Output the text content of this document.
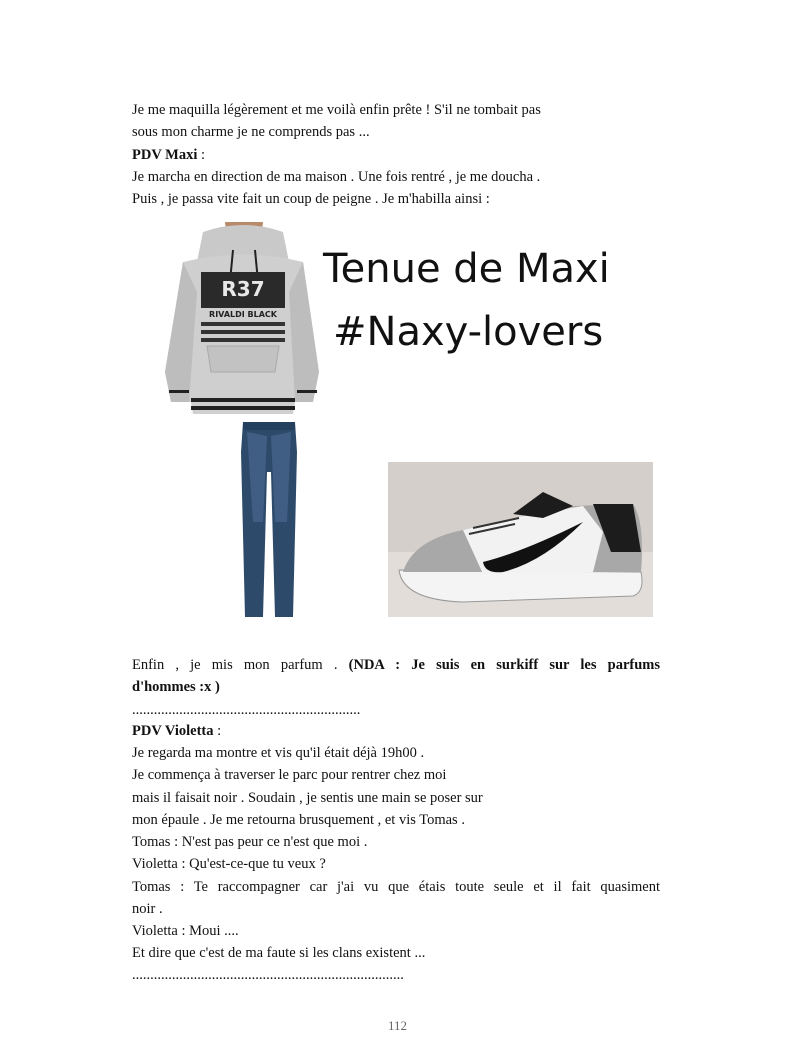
Je me maquilla légèrement et me voilà enfin prête ! S'il ne tombait pas
sous mon charme je ne comprends pas ...
PDV Maxi :
Je marcha en direction de ma maison . Une fois rentré , je me doucha .
Puis , je passa vite fait un coup de peigne . Je m'habilla ainsi :
R37
RIVALDI BLACK
Tenue de Maxi
#Naxy-lovers
Enfin , je mis mon parfum . (NDA : Je suis en surkiff sur les parfums
d'hommes :x )
...............................................................
PDV Violetta :
Je regarda ma montre et vis qu'il était déjà 19h00 .
Je commença à traverser le parc pour rentrer chez moi
mais il faisait noir . Soudain , je sentis une main se poser sur
mon épaule . Je me retourna brusquement , et vis Tomas .
Tomas : N'est pas peur ce n'est que moi .
Violetta : Qu'est-ce-que tu veux ?
Tomas : Te raccompagner car j'ai vu que étais toute seule et il fait quasiment
noir .
Violetta : Moui ....
Et dire que c'est de ma faute si les clans existent ...
...........................................................................
112
